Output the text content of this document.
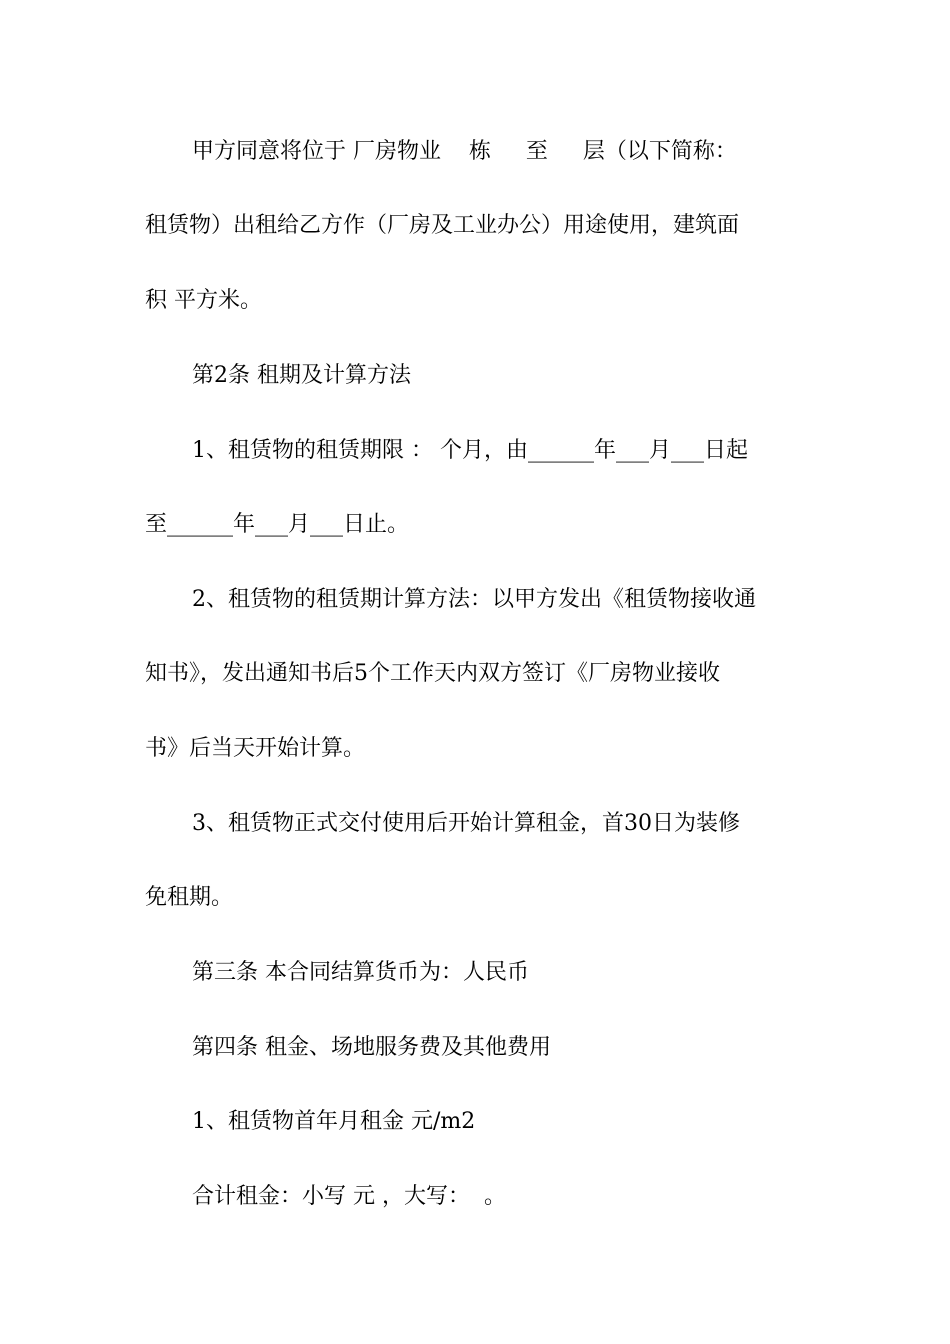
甲方同意将位于 厂房物业    栋     至     层（以下简称：
租赁物）出租给乙方作（厂房及工业办公）用途使用，建筑面
积 平方米。
第2条 租期及计算方法
1、租赁物的租赁期限 ： 个月，由______年___月___日起
至______年___月___日止。
2、租赁物的租赁期计算方法：以甲方发出《租赁物接收通
知书》，发出通知书后5个工作天内双方签订《厂房物业接收
书》后当天开始计算。
3、租赁物正式交付使用后开始计算租金，首30日为装修
免租期。
第三条 本合同结算货币为：人民币
第四条 租金、场地服务费及其他费用
1、租赁物首年月租金 元/m2
合计租金：小写 元 ，大写：  。
